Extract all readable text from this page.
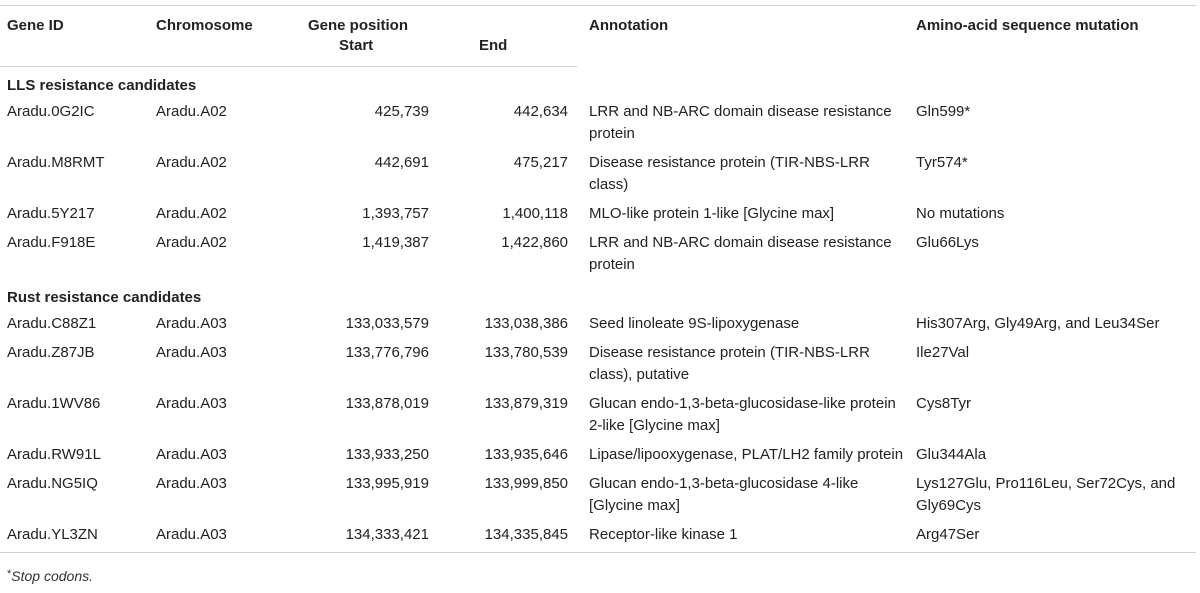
Gene ID	Chromosome	Gene position		Annotation	Amino-acid sequence mutation
		Start	End		
LLS resistance candidates					
Aradu.0G2IC	Aradu.A02	425,739	442,634	LRR and NB-ARC domain disease resistance protein	Gln599*
Aradu.M8RMT	Aradu.A02	442,691	475,217	Disease resistance protein (TIR-NBS-LRR class)	Tyr574*
Aradu.5Y217	Aradu.A02	1,393,757	1,400,118	MLO-like protein 1-like [Glycine max]	No mutations
Aradu.F918E	Aradu.A02	1,419,387	1,422,860	LRR and NB-ARC domain disease resistance protein	Glu66Lys
Rust resistance candidates					
Aradu.C88Z1	Aradu.A03	133,033,579	133,038,386	Seed linoleate 9S-lipoxygenase	His307Arg, Gly49Arg, and Leu34Ser
Aradu.Z87JB	Aradu.A03	133,776,796	133,780,539	Disease resistance protein (TIR-NBS-LRR class), putative	Ile27Val
Aradu.1WV86	Aradu.A03	133,878,019	133,879,319	Glucan endo-1,3-beta-glucosidase-like protein 2-like [Glycine max]	Cys8Tyr
Aradu.RW91L	Aradu.A03	133,933,250	133,935,646	Lipase/lipooxygenase, PLAT/LH2 family protein	Glu344Ala
Aradu.NG5IQ	Aradu.A03	133,995,919	133,999,850	Glucan endo-1,3-beta-glucosidase 4-like [Glycine max]	Lys127Glu, Pro116Leu, Ser72Cys, and Gly69Cys
Aradu.YL3ZN	Aradu.A03	134,333,421	134,335,845	Receptor-like kinase 1	Arg47Ser
*Stop codons.
